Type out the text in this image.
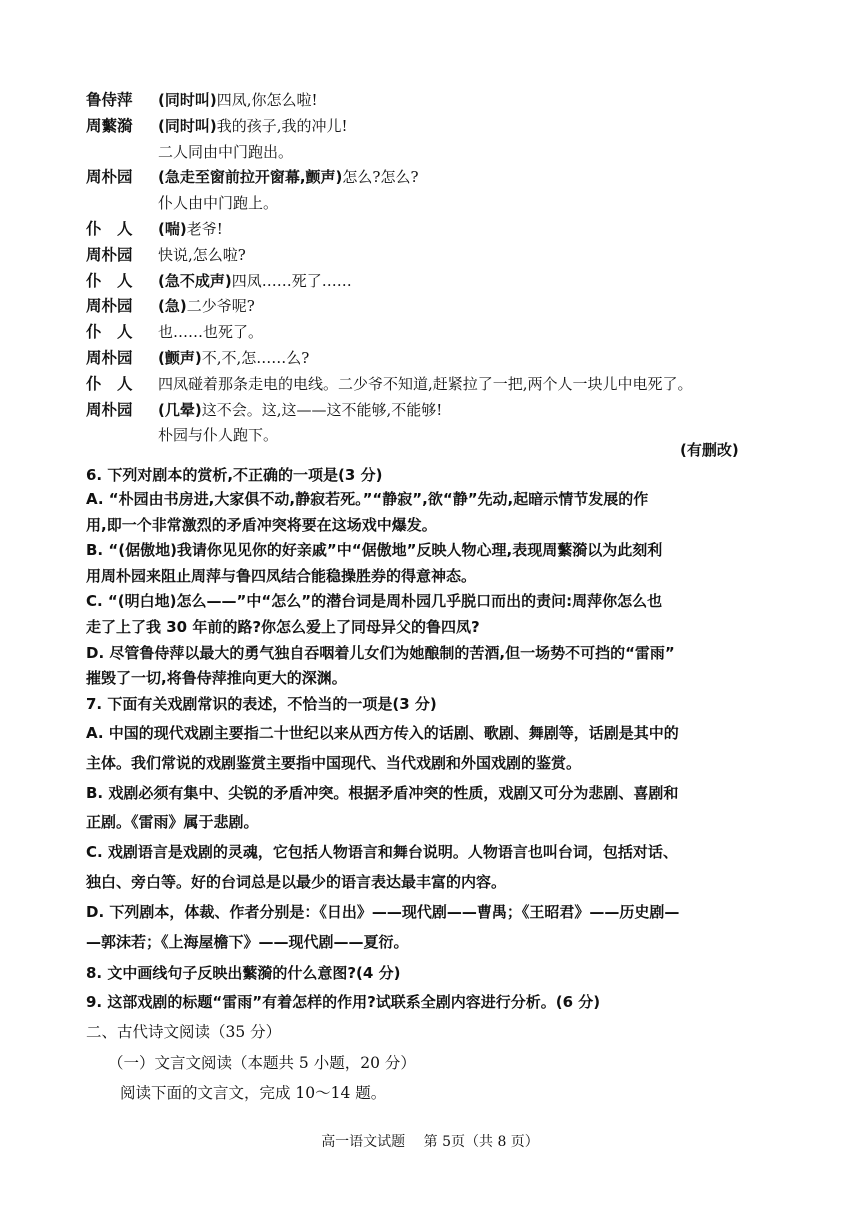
鲁侍萍	(同时叫)四凤,你怎么啦!
周蘩漪	(同时叫)我的孩子,我的冲儿!
二人同由中门跑出。
周朴园	(急走至窗前拉开窗幕,颤声)怎么?怎么?
仆人由中门跑上。
仆　人	(喘)老爷!
周朴园	快说,怎么啦?
仆　人	(急不成声)四凤……死了……
周朴园	(急)二少爷呢?
仆　人	也……也死了。
周朴园	(颤声)不,不,怎……么?
仆　人	四凤碰着那条走电的电线。二少爷不知道,赶紧拉了一把,两个人一块儿中电死了。
周朴园	(几晕)这不会。这,这——这不能够,不能够!
朴园与仆人跑下。
(有删改)
6. 下列对剧本的赏析,不正确的一项是(3 分)
A. “朴园由书房进,大家俱不动,静寂若死。”“静寂”,欲“静”先动,起暗示情节发展的作
用,即一个非常激烈的矛盾冲突将要在这场戏中爆发。
B. “(倨傲地)我请你见见你的好亲戚”中“倨傲地”反映人物心理,表现周蘩漪以为此刻利
用周朴园来阻止周萍与鲁四凤结合能稳操胜券的得意神态。
C. “(明白地)怎么——”中“怎么”的潜台词是周朴园几乎脱口而出的责问:周萍你怎么也
走了上了我 30 年前的路?你怎么爱上了同母异父的鲁四凤?
D. 尽管鲁侍萍以最大的勇气独自吞咽着儿女们为她酿制的苦酒,但一场势不可挡的“雷雨”
摧毁了一切,将鲁侍萍推向更大的深渊。
7. 下面有关戏剧常识的表述，不恰当的一项是(3 分)
A. 中国的现代戏剧主要指二十世纪以来从西方传入的话剧、歌剧、舞剧等，话剧是其中的
主体。我们常说的戏剧鉴赏主要指中国现代、当代戏剧和外国戏剧的鉴赏。
B. 戏剧必须有集中、尖锐的矛盾冲突。根据矛盾冲突的性质，戏剧又可分为悲剧、喜剧和
正剧。《雷雨》属于悲剧。
C. 戏剧语言是戏剧的灵魂，它包括人物语言和舞台说明。人物语言也叫台词，包括对话、
独白、旁白等。好的台词总是以最少的语言表达最丰富的内容。
D. 下列剧本，体裁、作者分别是：《日出》——现代剧——曹禺；《王昭君》——历史剧—
—郭沫若；《上海屋檐下》——现代剧——夏衍。
8. 文中画线句子反映出蘩漪的什么意图?(4 分)
9. 这部戏剧的标题“雷雨”有着怎样的作用?试联系全剧内容进行分析。(6 分)
二、古代诗文阅读（35 分）
（一）文言文阅读（本题共 5 小题，20 分）
阅读下面的文言文，完成 10～14 题。
高一语文试题　 第 5页（共 8 页）
